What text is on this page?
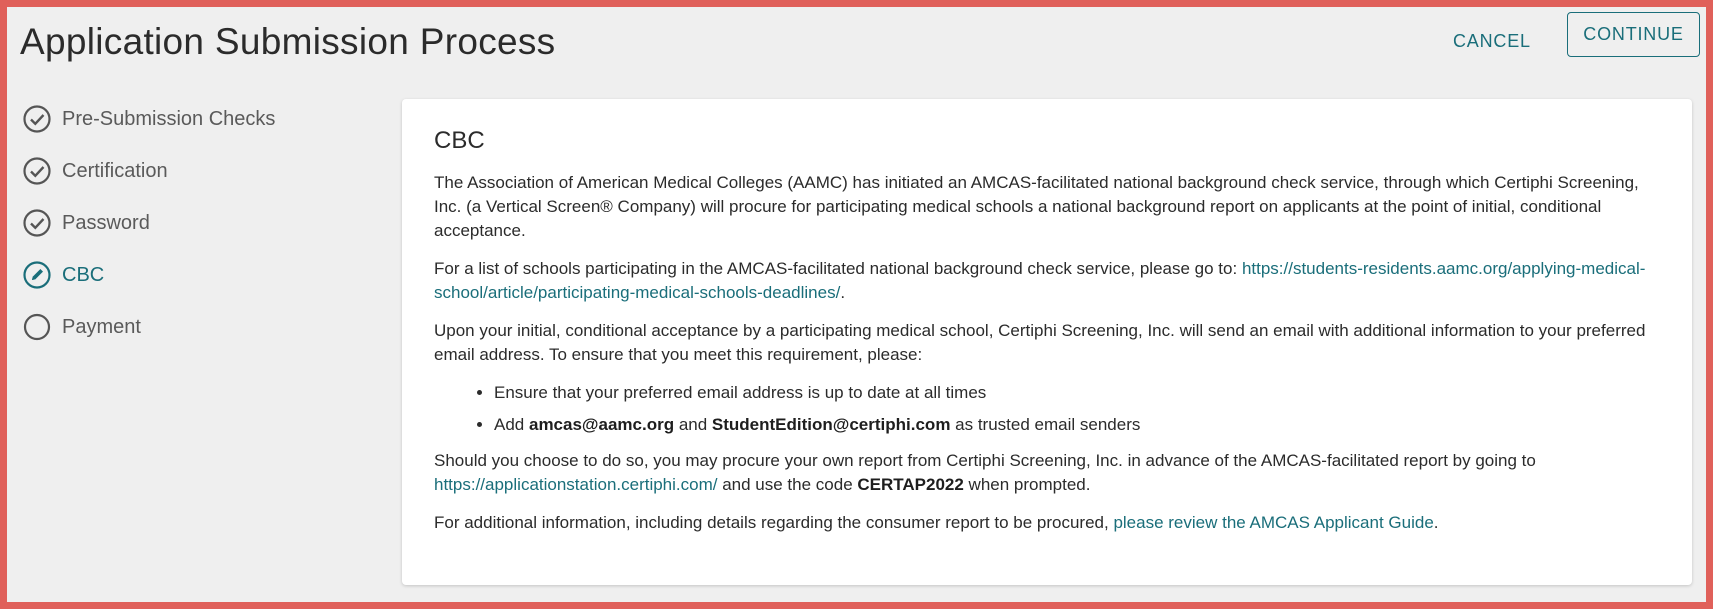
Application Submission Process	CANCEL	CONTINUE
Pre-Submission Checks
Certification
Password
CBC
Payment
CBC

The Association of American Medical Colleges (AAMC) has initiated an AMCAS-facilitated national background check service, through which Certiphi Screening, Inc. (a Vertical Screen® Company) will procure for participating medical schools a national background report on applicants at the point of initial, conditional acceptance.

For a list of schools participating in the AMCAS-facilitated national background check service, please go to: https://students-residents.aamc.org/applying-medical-school/article/participating-medical-schools-deadlines/.

Upon your initial, conditional acceptance by a participating medical school, Certiphi Screening, Inc. will send an email with additional information to your preferred email address. To ensure that you meet this requirement, please:

• Ensure that your preferred email address is up to date at all times
• Add amcas@aamc.org and StudentEdition@certiphi.com as trusted email senders

Should you choose to do so, you may procure your own report from Certiphi Screening, Inc. in advance of the AMCAS-facilitated report by going to https://applicationstation.certiphi.com/ and use the code CERTAP2022 when prompted.

For additional information, including details regarding the consumer report to be procured, please review the AMCAS Applicant Guide.
